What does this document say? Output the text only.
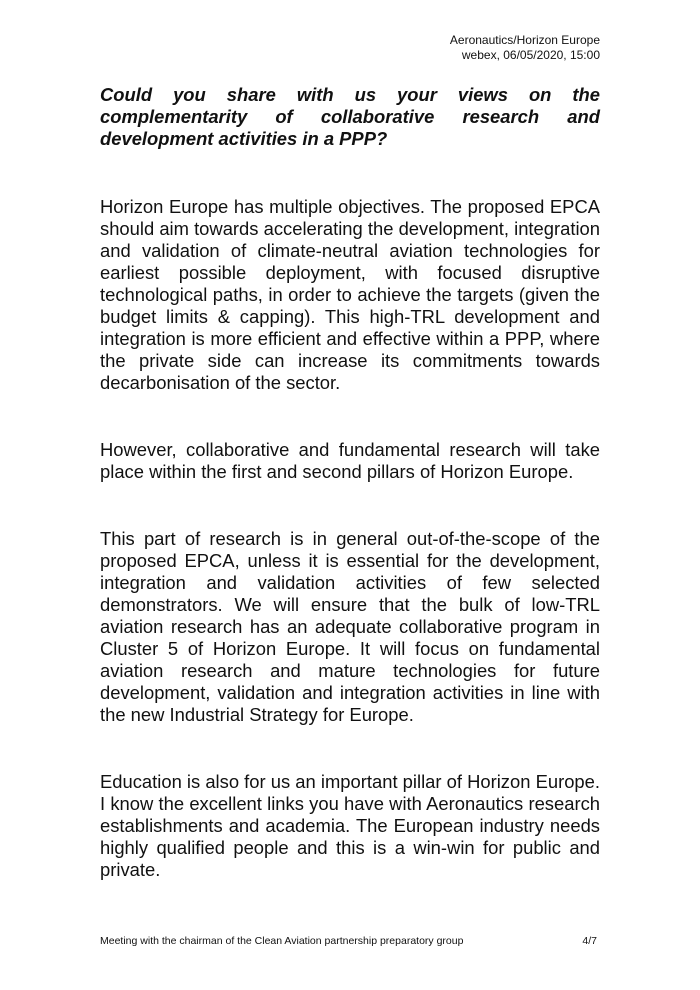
Aeronautics/Horizon Europe
webex, 06/05/2020, 15:00

Could you share with us your views on the complementarity of collaborative research and development activities in a PPP?

Horizon Europe has multiple objectives. The proposed EPCA should aim towards accelerating the development, integration and validation of climate-neutral aviation technologies for earliest possible deployment, with focused disruptive technological paths, in order to achieve the targets (given the budget limits & capping). This high-TRL development and integration is more efficient and effective within a PPP, where the private side can increase its commitments towards decarbonisation of the sector.

However, collaborative and fundamental research will take place within the first and second pillars of Horizon Europe.

This part of research is in general out-of-the-scope of the proposed EPCA, unless it is essential for the development, integration and validation activities of few selected demonstrators. We will ensure that the bulk of low-TRL aviation research has an adequate collaborative program in Cluster 5 of Horizon Europe. It will focus on fundamental aviation research and mature technologies for future development, validation and integration activities in line with the new Industrial Strategy for Europe.

Education is also for us an important pillar of Horizon Europe. I know the excellent links you have with Aeronautics research establishments and academia. The European industry needs highly qualified people and this is a win-win for public and private.

Meeting with the chairman of the Clean Aviation partnership preparatory group	4/7
